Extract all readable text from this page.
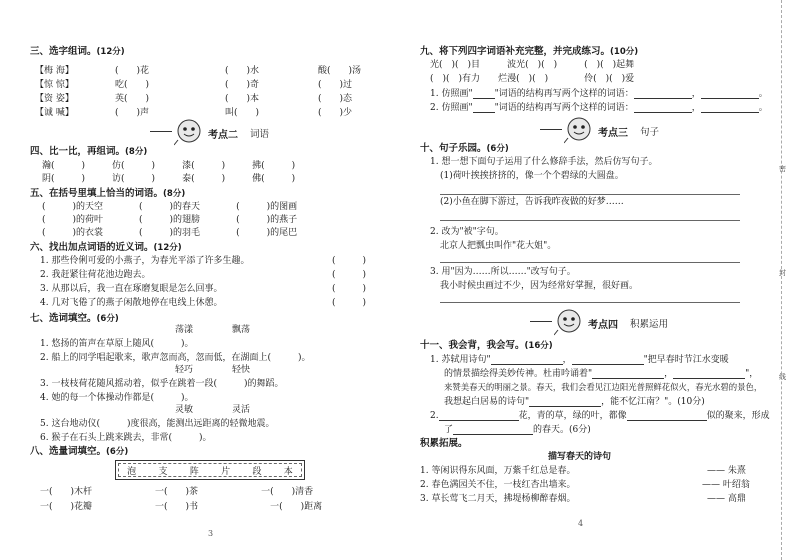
三、选字组词。(12分)
【梅 海】	(   )花	(   )水	酸(   )汤
【惊 惊】	吃(   )	(   )奇	(   )过
【资 姿】	英(   )	(   )本	(   )态
【诚 喊】	(   )声	叫(   )	(   )少
考点二 词语
四、比一比，再组词。(8分)
瀚(   	)   	仿(   	)   	漆(   	)   	拂(   	)
阴(   	)   	访(   	)   	泰(   	)   	佛(   	)
五、在括号里填上恰当的词语。(8分)
(   	)的天空    	(   	)的春天    	(   	)的图画
(   	)的荷叶    	(   	)的翅膀    	(   	)的燕子
(   	)的衣裳    	(   	)的羽毛    	(   	)的尾巴
六、找出加点词语的近义词。(12分)
1. 那些伶俐可爱的小燕子，为春光平添了许多生趣。	(   )
2. 我赶紧往荷花池边跑去。	(   )
3. 从那以后，我一直在琢磨复眼是怎么回事。	(   )
4. 几对飞倦了的燕子闲散地停在电线上休憩。	(   )
七、选词填空。(6分)
荡漾	飘荡
1. 悠扬的笛声在草原上随风(   	)。
2. 船上的同学唱起歌来，歌声忽而高，忽而低，在湖面上(   	)。
轻巧	轻快
3. 一枝枝荷花随风摇动着，似乎在跳着一段(   	)的舞蹈。
4. 她的每一个体操动作都是(   	)。
灵敏	灵活
5. 这台地动仪(   	)度很高，能测出远距离的轻微地震。
6. 猴子在石头上跳来跳去，非常(   	)。
八、选量词填空。(6分)
泡 支 阵 片 段 本
一(   )木杆       	一(   )茶       	一(   )清香
一(   )花瓣       	一(   )书        	一(   )距离
3
九、将下列四字词语补充完整，并完成练习。(10分)
光(  )(  )目   	波光(  )(  )   	(  )(  )起舞
(  )(  )有力   烂漫(  )(  )    	伶(  )(  )爱
1. 仿照画" "词语的结构再写两个这样的词语：	，	。
2. 仿照画" "词语的结构再写两个这样的词语：	，	。
考点三 句子
十、句子乐园。(6分)
1. 想一想下面句子运用了什么修辞手法，然后仿写句子。
(1)荷叶挨挨挤挤的，像一个个碧绿的大圆盘。
(2)小鱼在脚下游过，告诉我昨夜做的好梦……
2. 改为"被"字句。
北京人把瓢虫叫作"花大姐"。
3. 用"因为……所以……"改写句子。
我小时候虫画过不少，因为经常好掌握，很好画。
考点四 积累运用
十一、我会背，我会写。(16分)
1. 苏轼用诗句"	，	"把早春时节江水变暖
的情景描绘得美妙传神。杜甫吟诵着"	，	"，
来赞美春天的明丽之景。春天，我们会看见江边阳光普照鲜花似火，春光水碧的景色，
我想起白居易的诗句"	，能不忆江南？"。(10分)
2.	花，青的草，绿的叶，都像	似的聚来，形成
了	的春天。(6分)
积累拓展。
描写春天的诗句
1. 等闲识得东风面，万紫千红总是春。	—— 朱熹
2. 春色满园关不住，一枝红杏出墙来。	—— 叶绍翁
3. 草长莺飞二月天，拂堤杨柳醉春烟。	—— 高鼎
4
密
封
线
